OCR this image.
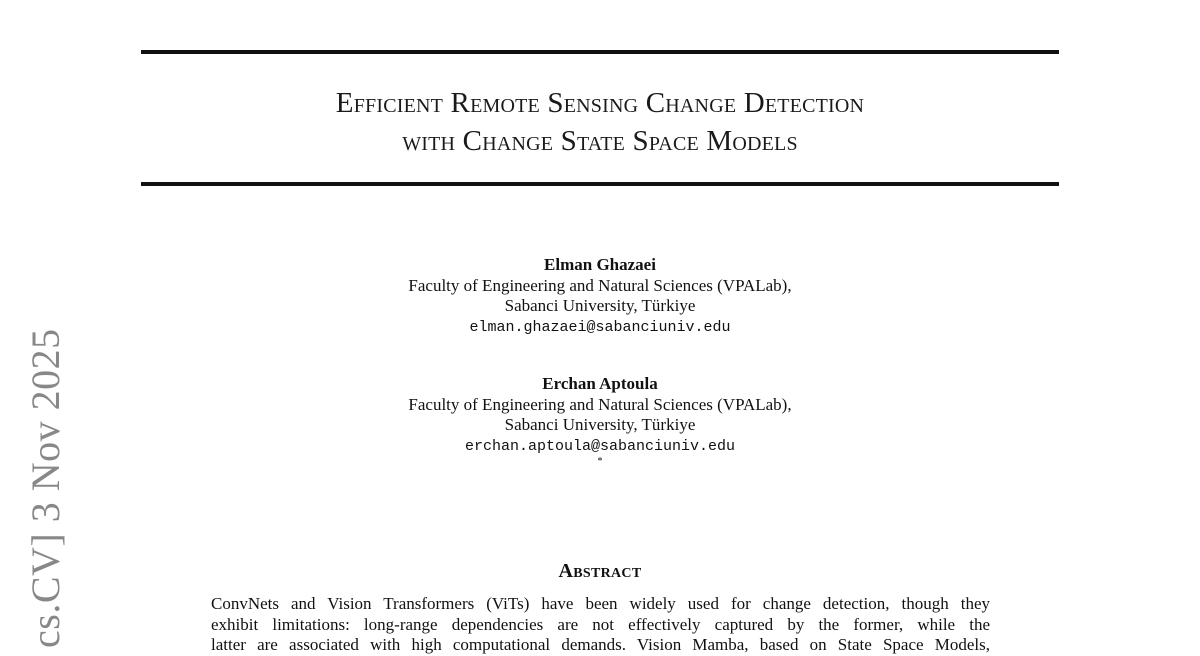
Efficient Remote Sensing Change Detection
with Change State Space Models
Elman Ghazaei
Faculty of Engineering and Natural Sciences (VPALab),
Sabanci University, Türkiye
elman.ghazaei@sabanciuniv.edu
Erchan Aptoula
Faculty of Engineering and Natural Sciences (VPALab),
Sabanci University, Türkiye
erchan.aptoula@sabanciuniv.edu
*
Abstract
ConvNets and Vision Transformers (ViTs) have been widely used for change detection, though they
exhibit limitations: long-range dependencies are not effectively captured by the former, while the
latter are associated with high computational demands. Vision Mamba, based on State Space Models,
cs.CV] 3 Nov 2025
